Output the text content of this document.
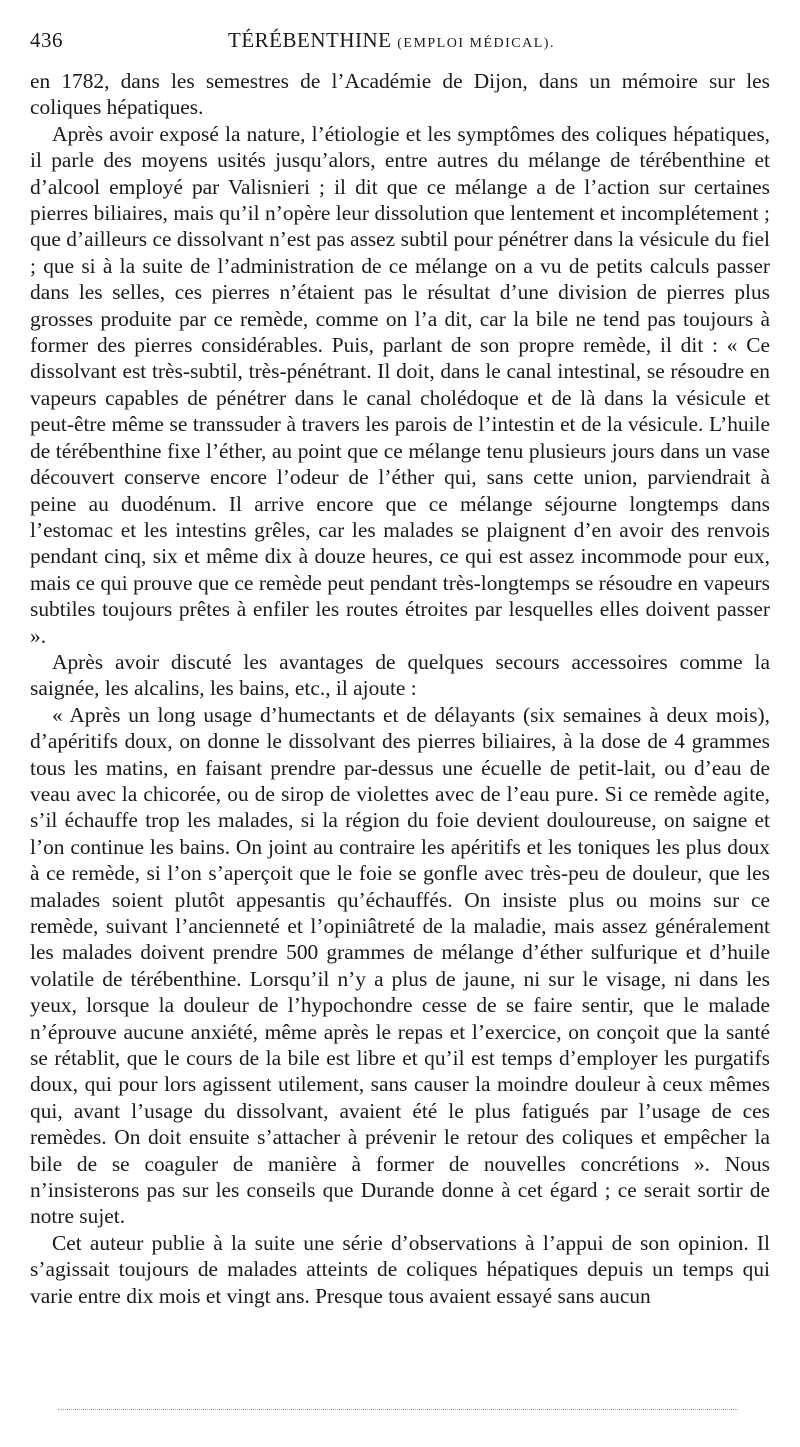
436	TÉRÉBENTHINE (EMPLOI MÉDICAL).

en 1782, dans les semestres de l’Académie de Dijon, dans un mémoire sur les coliques hépatiques.

Après avoir exposé la nature, l’étiologie et les symptômes des coliques hépatiques, il parle des moyens usités jusqu’alors, entre autres du mélange de térébenthine et d’alcool employé par Valisnieri ; il dit que ce mélange a de l’action sur certaines pierres biliaires, mais qu’il n’opère leur dissolution que lentement et incomplétement ; que d’ailleurs ce dissolvant n’est pas assez subtil pour pénétrer dans la vésicule du fiel ; que si à la suite de l’administration de ce mélange on a vu de petits calculs passer dans les selles, ces pierres n’étaient pas le résultat d’une division de pierres plus grosses produite par ce remède, comme on l’a dit, car la bile ne tend pas toujours à former des pierres considérables. Puis, parlant de son propre remède, il dit : « Ce dissolvant est très-subtil, très-pénétrant. Il doit, dans le canal intestinal, se résoudre en vapeurs capables de pénétrer dans le canal cholédoque et de là dans la vésicule et peut-être même se transsuder à travers les parois de l’intestin et de la vésicule. L’huile de térébenthine fixe l’éther, au point que ce mélange tenu plusieurs jours dans un vase découvert conserve encore l’odeur de l’éther qui, sans cette union, parviendrait à peine au duodénum. Il arrive encore que ce mélange séjourne longtemps dans l’estomac et les intestins grêles, car les malades se plaignent d’en avoir des renvois pendant cinq, six et même dix à douze heures, ce qui est assez incommode pour eux, mais ce qui prouve que ce remède peut pendant très-longtemps se résoudre en vapeurs subtiles toujours prêtes à enfiler les routes étroites par lesquelles elles doivent passer ».

Après avoir discuté les avantages de quelques secours accessoires comme la saignée, les alcalins, les bains, etc., il ajoute :

« Après un long usage d’humectants et de délayants (six semaines à deux mois), d’apéritifs doux, on donne le dissolvant des pierres biliaires, à la dose de 4 grammes tous les matins, en faisant prendre par-dessus une écuelle de petit-lait, ou d’eau de veau avec la chicorée, ou de sirop de violettes avec de l’eau pure. Si ce remède agite, s’il échauffe trop les malades, si la région du foie devient douloureuse, on saigne et l’on continue les bains. On joint au contraire les apéritifs et les toniques les plus doux à ce remède, si l’on s’aperçoit que le foie se gonfle avec très-peu de douleur, que les malades soient plutôt appesantis qu’échauffés. On insiste plus ou moins sur ce remède, suivant l’ancienneté et l’opiniâtreté de la maladie, mais assez généralement les malades doivent prendre 500 grammes de mélange d’éther sulfurique et d’huile volatile de térébenthine. Lorsqu’il n’y a plus de jaune, ni sur le visage, ni dans les yeux, lorsque la douleur de l’hypochondre cesse de se faire sentir, que le malade n’éprouve aucune anxiété, même après le repas et l’exercice, on conçoit que la santé se rétablit, que le cours de la bile est libre et qu’il est temps d’employer les purgatifs doux, qui pour lors agissent utilement, sans causer la moindre douleur à ceux mêmes qui, avant l’usage du dissolvant, avaient été le plus fatigués par l’usage de ces remèdes. On doit ensuite s’attacher à prévenir le retour des coliques et empêcher la bile de se coaguler de manière à former de nouvelles concrétions ». Nous n’insisterons pas sur les conseils que Durande donne à cet égard ; ce serait sortir de notre sujet.

Cet auteur publie à la suite une série d’observations à l’appui de son opinion. Il s’agissait toujours de malades atteints de coliques hépatiques depuis un temps qui varie entre dix mois et vingt ans. Presque tous avaient essayé sans aucun
